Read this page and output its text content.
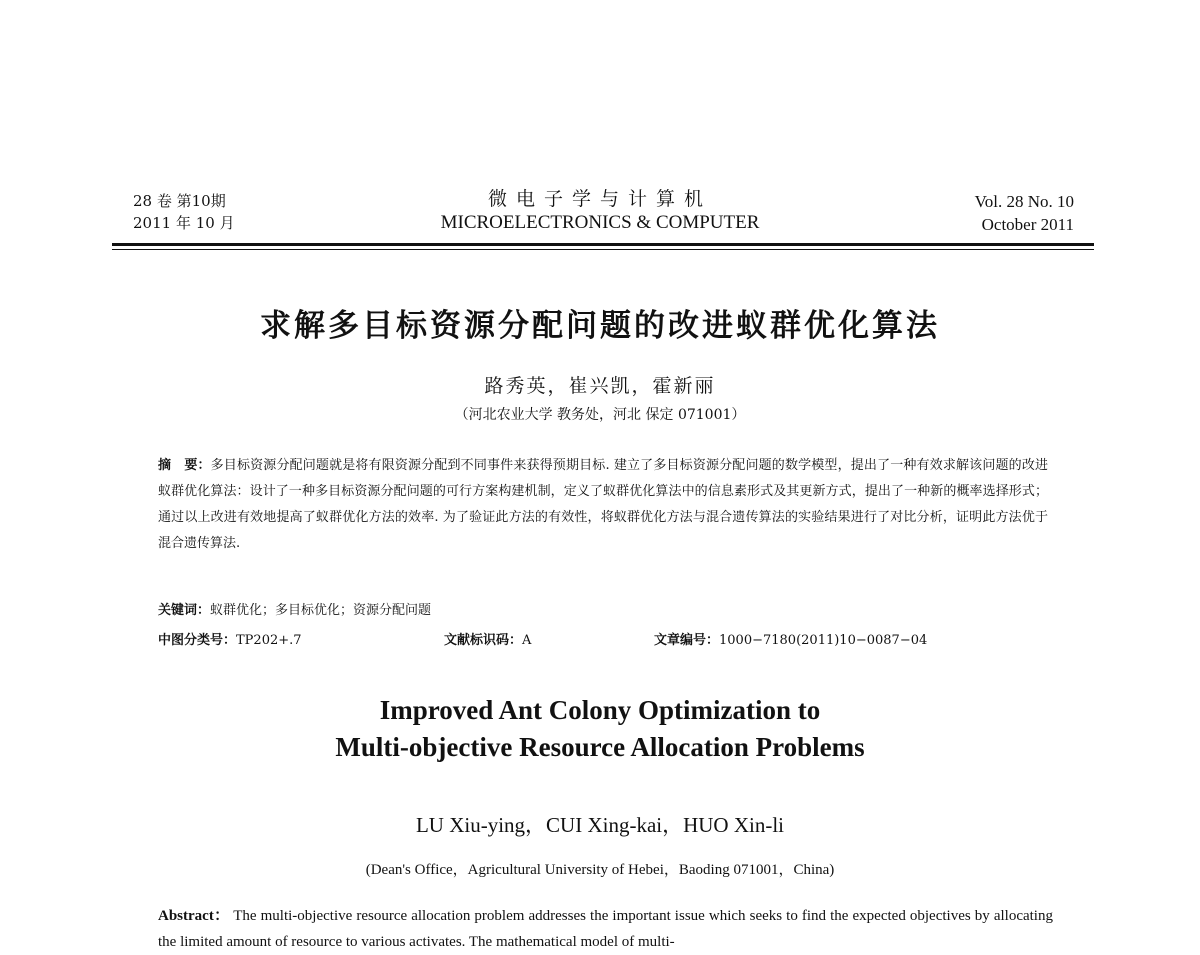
28 卷 第10期
2011 年 10 月
微电子学与计算机
MICROELECTRONICS & COMPUTER
Vol. 28 No. 10
October 2011
求解多目标资源分配问题的改进蚁群优化算法
路秀英，崔兴凯，霍新丽
（河北农业大学 教务处，河北 保定 071001）
摘　要：多目标资源分配问题就是将有限资源分配到不同事件来获得预期目标. 建立了多目标资源分配问题的数学模型，提出了一种有效求解该问题的改进蚁群优化算法：设计了一种多目标资源分配问题的可行方案构建机制，定义了蚁群优化算法中的信息素形式及其更新方式，提出了一种新的概率选择形式；通过以上改进有效地提高了蚁群优化方法的效率. 为了验证此方法的有效性，将蚁群优化方法与混合遗传算法的实验结果进行了对比分析，证明此方法优于混合遗传算法.
关键词：蚁群优化；多目标优化；资源分配问题
中图分类号：TP202+.7	文献标识码：A	文章编号：1000−7180(2011)10−0087−04
Improved Ant Colony Optimization to
Multi-objective Resource Allocation Problems
LU Xiu-ying，CUI Xing-kai，HUO Xin-li
(Dean's Office，Agricultural University of Hebei，Baoding 071001，China)
Abstract： The multi-objective resource allocation problem addresses the important issue which seeks to find the expected objectives by allocating the limited amount of resource to various activates. The mathematical model of multi-
